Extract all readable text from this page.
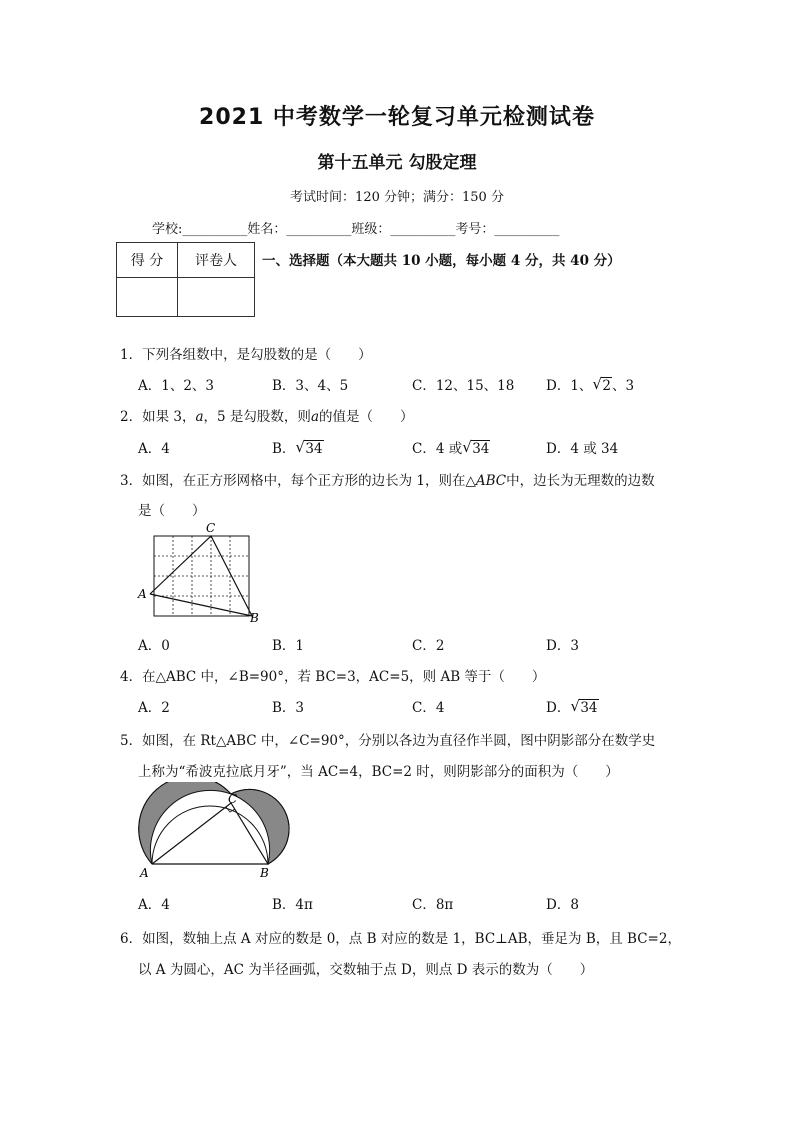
2021 中考数学一轮复习单元检测试卷
第十五单元 勾股定理
考试时间：120 分钟；满分：150 分
学校:__________姓名：__________班级：__________考号：__________
得 分	评卷人
	一、选择题（本大题共 10 小题，每小题 4 分，共 40 分）
1．下列各组数中，是勾股数的是（　　）
A．1、2、3	B．3、4、5	C．12、15、18 D．1、 √ 2、3
2．如果 3，a，5 是勾股数，则a的值是（　　）
A．4	B． √ 34	C．4 或 √ 34	D．4 或 34
3．如图，在正方形网格中，每个正方形的边长为 1，则在△ABC中，边长为无理数的边数
是（　　）
A
B
C
A．0	B．1	C．2	D．3
4．在△ABC 中，∠B=90°，若 BC=3，AC=5，则 AB 等于（　　）
A．2	B．3	C．4	D． √ 34
5．如图，在 Rt△ABC 中，∠C=90°，分别以各边为直径作半圆，图中阴影部分在数学史
上称为“希波克拉底月牙”，当 AC=4，BC=2 时，则阴影部分的面积为（　　）
A	B
C
A．4	B．4π	C．8π	D．8
6．如图，数轴上点 A 对应的数是 0，点 B 对应的数是 1，BC⊥AB，垂足为 B，且 BC=2，
以 A 为圆心，AC 为半径画弧，交数轴于点 D，则点 D 表示的数为（　　）
